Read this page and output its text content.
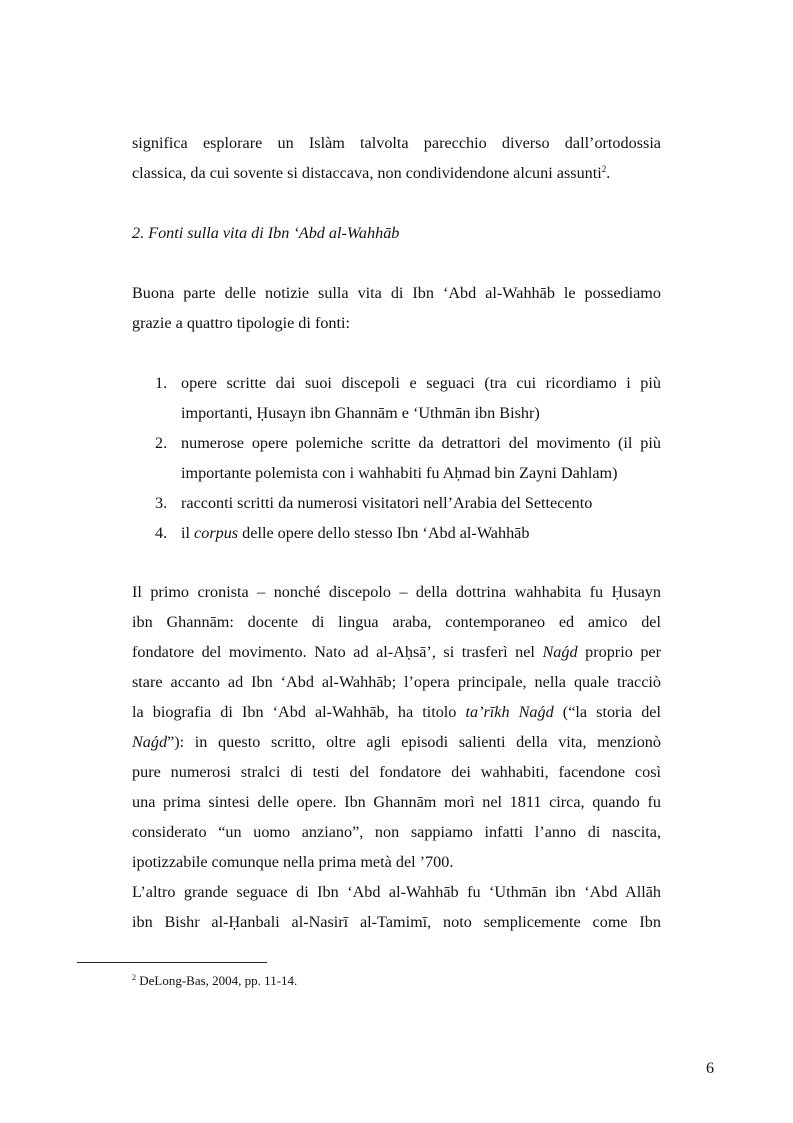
significa esplorare un Islàm talvolta parecchio diverso dall’ortodossia
classica, da cui sovente si distaccava, non condividendone alcuni assunti$^2$.
2. Fonti sulla vita di Ibn ‘Abd al-Wahhāb
Buona parte delle notizie sulla vita di Ibn ‘Abd al-Wahhāb le possediamo
grazie a quattro tipologie di fonti:
1. opere scritte dai suoi discepoli e seguaci (tra cui ricordiamo i più
importanti, Ḥusayn ibn Ghannām e ‘Uthmān ibn Bishr)
2. numerose opere polemiche scritte da detrattori del movimento (il più
importante polemista con i wahhabiti fu Aḥmad bin Zayni Dahlam)
3. racconti scritti da numerosi visitatori nell’Arabia del Settecento
4. il corpus delle opere dello stesso Ibn ‘Abd al-Wahhāb
Il primo cronista – nonché discepolo – della dottrina wahhabita fu Ḥusayn
ibn Ghannām: docente di lingua araba, contemporaneo ed amico del
fondatore del movimento. Nato ad al-Aḥsā’, si trasferì nel Naǵd proprio per
stare accanto ad Ibn ‘Abd al-Wahhāb; l’opera principale, nella quale tracciò
la biografia di Ibn ‘Abd al-Wahhāb, ha titolo ta’rīkh Naǵd (“la storia del
Naǵd”): in questo scritto, oltre agli episodi salienti della vita, menzionò
pure numerosi stralci di testi del fondatore dei wahhabiti, facendone così
una prima sintesi delle opere. Ibn Ghannām morì nel 1811 circa, quando fu
considerato “un uomo anziano”, non sappiamo infatti l’anno di nascita,
ipotizzabile comunque nella prima metà del ’700.
L’altro grande seguace di Ibn ‘Abd al-Wahhāb fu ‘Uthmān ibn ‘Abd Allāh
ibn Bishr al-Ḥanbali al-Nasirī al-Tamimī, noto semplicemente come Ibn
$^2$ DeLong-Bas, 2004, pp. 11-14.
6
